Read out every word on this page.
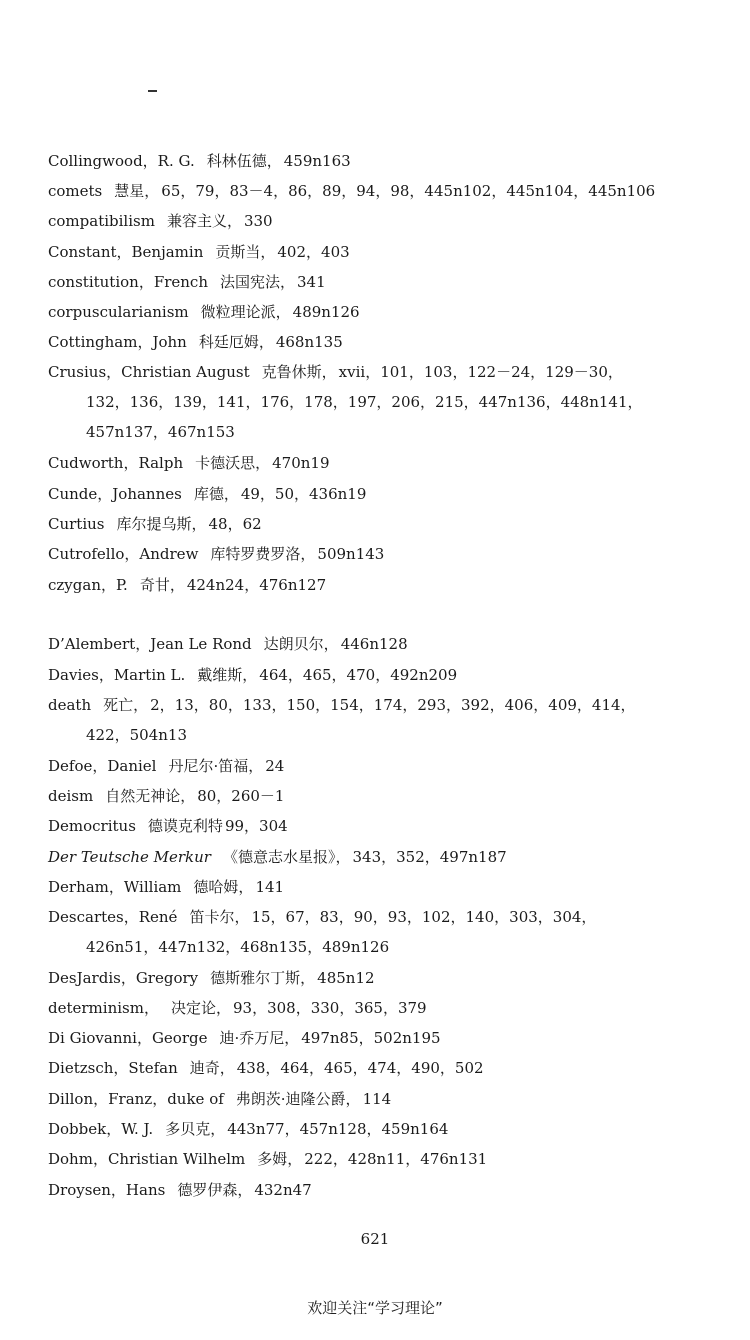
Collingwood，R. G. 科林伍德， 459n163
comets 慧星， 65，79，83－4，86，89，94，98，445n102，445n104，445n106
compatibilism 兼容主义， 330
Constant，Benjamin 贡斯当， 402，403
constitution，French 法国宪法， 341
corpuscularianism 微粒理论派， 489n126
Cottingham，John 科廷厄姆， 468n135
Crusius，Christian August 克鲁休斯， xvii，101，103，122－24，129－30，
132，136，139，141，176，178，197，206，215，447n136，448n141，
457n137，467n153
Cudworth，Ralph 卡德沃思， 470n19
Cunde，Johannes 库德， 49，50，436n19
Curtius 库尔提乌斯， 48，62
Cutrofello，Andrew 库特罗费罗洛， 509n143
czygan，P. 奇甘， 424n24，476n127
D’Alembert，Jean Le Rond 达朗贝尔， 446n128
Davies，Martin L. 戴维斯， 464，465，470，492n209
death 死亡， 2，13，80，133，150，154，174，293，392，406，409，414，
422，504n13
Defoe，Daniel 丹尼尔·笛福， 24
deism 自然无神论， 80，260－1
Democritus 德谟克利特 99，304
Der Teutsche Merkur 《德意志水星报》， 343，352，497n187
Derham，William 德哈姆， 141
Descartes，René 笛卡尔， 15，67，83，90，93，102，140，303，304，
426n51，447n132，468n135，489n126
DesJardis，Gregory 德斯雅尔丁斯， 485n12
determinism， 决定论， 93，308，330，365，379
Di Giovanni，George 迪·乔万尼， 497n85，502n195
Dietzsch，Stefan 迪奇， 438，464，465，474，490，502
Dillon，Franz，duke of 弗朗茨·迪隆公爵， 114
Dobbek，W. J. 多贝克， 443n77，457n128，459n164
Dohm，Christian Wilhelm 多姆， 222，428n11，476n131
Droysen，Hans 德罗伊森， 432n47
621
欢迎关注“学习理论”
